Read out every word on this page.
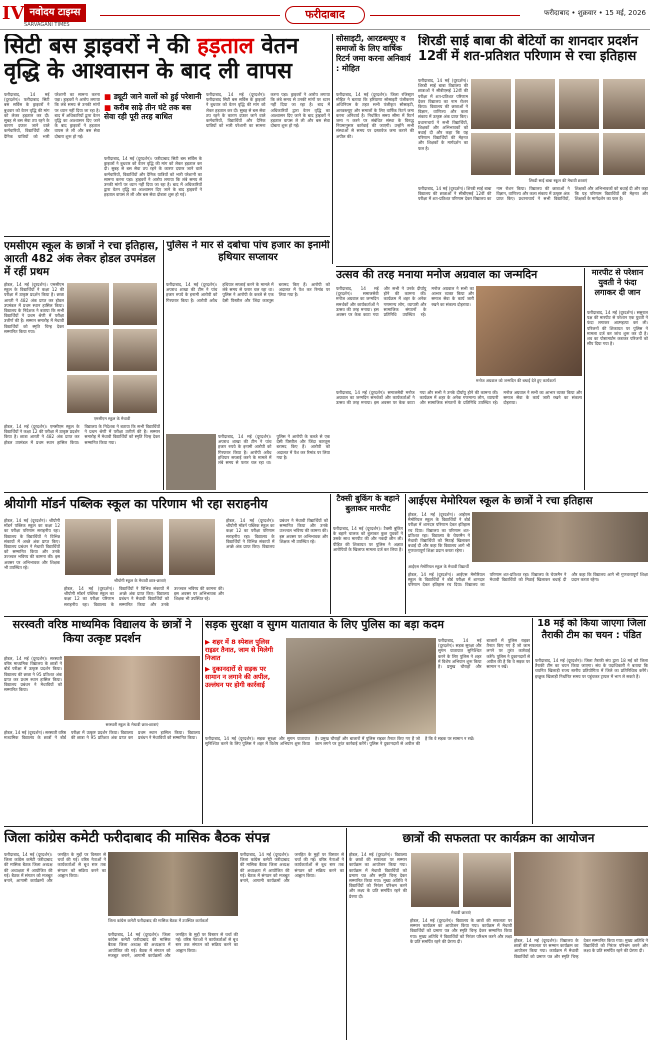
IV नवोदय टाइम्स
SARVAGANI TIMES
फरीदाबाद	फरीदाबाद • शुक्रवार • 15 मई, 2026
सिटी बस ड्राइवरों ने की हड़ताल वेतन वृद्धि के आश्वासन के बाद ली वापस
फरीदाबाद, 14 मई (दूरदर्शन)। फरीदाबाद सिटी बस सर्विस के ड्राइवरों ने बुधवार को वेतन वृद्धि की मांग को लेकर हड़ताल कर दी। सुबह से बस सेवा ठप रहने के कारण दफ्तर जाने वाले कर्मचारियों, विद्यार्थियों और दैनिक यात्रियों को भारी परेशानी का सामना करना पड़ा। ड्राइवरों ने आरोप लगाया कि लंबे समय से उनकी मांगों पर ध्यान नहीं दिया जा रहा है। बाद में अधिकारियों द्वारा वेतन वृद्धि का आश्वासन दिए जाने के बाद ड्राइवरों ने हड़ताल वापस ले ली और बस सेवा दोबारा शुरू हो गई।
■ ड्यूटी जाने वालों को हुई परेशानी
■ करीब साढ़े तीन घंटे तक बस सेवा रही पूरी तरह बाधित
फरीदाबाद, 14 मई (दूरदर्शन)। फरीदाबाद सिटी बस सर्विस के ड्राइवरों ने बुधवार को वेतन वृद्धि की मांग को लेकर हड़ताल कर दी। सुबह से बस सेवा ठप रहने के कारण दफ्तर जाने वाले कर्मचारियों, विद्यार्थियों और दैनिक यात्रियों को भारी परेशानी का सामना करना पड़ा। ड्राइवरों ने आरोप लगाया कि लंबे समय से उनकी मांगों पर ध्यान नहीं दिया जा रहा है। बाद में अधिकारियों द्वारा वेतन वृद्धि का आश्वासन दिए जाने के बाद ड्राइवरों ने हड़ताल वापस ले ली और बस सेवा दोबारा शुरू हो गई।
फरीदाबाद, 14 मई (दूरदर्शन)। फरीदाबाद सिटी बस सर्विस के ड्राइवरों ने बुधवार को वेतन वृद्धि की मांग को लेकर हड़ताल कर दी। सुबह से बस सेवा ठप रहने के कारण दफ्तर जाने वाले कर्मचारियों, विद्यार्थियों और दैनिक यात्रियों को भारी परेशानी का सामना करना पड़ा। ड्राइवरों ने आरोप लगाया कि लंबे समय से उनकी मांगों पर ध्यान नहीं दिया जा रहा है। बाद में अधिकारियों द्वारा वेतन वृद्धि का आश्वासन दिए जाने के बाद ड्राइवरों ने हड़ताल वापस ले ली और बस सेवा दोबारा शुरू हो गई।
सोसाइटी, आरडब्ल्यूए व समाजों के लिए वार्षिक रिटर्न जमा करना अनिवार्य : मोहित
फरीदाबाद, 14 मई (दूरदर्शन)। जिला रजिस्ट्रार मोहित ने बताया कि हरियाणा सोसाइटी पंजीकरण अधिनियम के तहत सभी पंजीकृत सोसाइटी, आरडब्ल्यूए और समाजों के लिए वार्षिक रिटर्न जमा करना अनिवार्य है। निर्धारित समय सीमा में रिटर्न जमा न करने पर संबंधित संस्था के विरुद्ध नियमानुसार कार्रवाई की जाएगी। उन्होंने सभी संस्थाओं से समय पर दस्तावेज जमा कराने की अपील की।
शिरडी साई बाबा की बेटियों का शानदार प्रदर्शन 12वीं में शत-प्रतिशत परिणाम से रचा इतिहास
फरीदाबाद, 14 मई (दूरदर्शन)। शिरडी साई बाबा विद्यालय की छात्राओं ने सीबीएसई 12वीं की परीक्षा में शत-प्रतिशत परिणाम देकर विद्यालय का नाम रोशन किया। विद्यालय की छात्राओं ने विज्ञान, वाणिज्य और कला संकाय में उत्कृष्ट अंक प्राप्त किए। प्रधानाचार्य ने सभी विद्यार्थियों, शिक्षकों और अभिभावकों को बधाई दी और कहा कि यह परिणाम विद्यार्थियों की मेहनत और शिक्षकों के मार्गदर्शन का फल है।
शिरडी साई बाबा स्कूल की मेधावी छात्राएं
फरीदाबाद, 14 मई (दूरदर्शन)। शिरडी साई बाबा विद्यालय की छात्राओं ने सीबीएसई 12वीं की परीक्षा में शत-प्रतिशत परिणाम देकर विद्यालय का नाम रोशन किया। विद्यालय की छात्राओं ने विज्ञान, वाणिज्य और कला संकाय में उत्कृष्ट अंक प्राप्त किए। प्रधानाचार्य ने सभी विद्यार्थियों, शिक्षकों और अभिभावकों को बधाई दी और कहा कि यह परिणाम विद्यार्थियों की मेहनत और शिक्षकों के मार्गदर्शन का फल है।
एमसीएम स्कूल के छात्रों ने रचा इतिहास, आरती 482 अंक लेकर होडल उपमंडल में रहीं प्रथम
होडल, 14 मई (दूरदर्शन)। एमसीएम स्कूल के विद्यार्थियों ने कक्षा 12 की परीक्षा में उत्कृष्ट प्रदर्शन किया है। छात्रा आरती ने 482 अंक प्राप्त कर होडल उपमंडल में प्रथम स्थान हासिल किया। विद्यालय के निदेशक ने बताया कि सभी विद्यार्थियों ने प्रथम श्रेणी में परीक्षा उत्तीर्ण की है। सम्मान समारोह में मेधावी विद्यार्थियों को स्मृति चिन्ह देकर सम्मानित किया गया।
एमसीएम स्कूल के मेधावी
होडल, 14 मई (दूरदर्शन)। एमसीएम स्कूल के विद्यार्थियों ने कक्षा 12 की परीक्षा में उत्कृष्ट प्रदर्शन किया है। छात्रा आरती ने 482 अंक प्राप्त कर होडल उपमंडल में प्रथम स्थान हासिल किया। विद्यालय के निदेशक ने बताया कि सभी विद्यार्थियों ने प्रथम श्रेणी में परीक्षा उत्तीर्ण की है। सम्मान समारोह में मेधावी विद्यार्थियों को स्मृति चिन्ह देकर सम्मानित किया गया।
पुलिस ने मार से दबोचा पांच हजार का इनामी हथियार सप्लायर
फरीदाबाद, 14 मई (दूरदर्शन)। अपराध शाखा की टीम ने पांच हजार रुपये के इनामी आरोपी को गिरफ्तार किया है। आरोपी अवैध हथियार सप्लाई करने के मामले में लंबे समय से फरार चल रहा था। पुलिस ने आरोपी के कब्जे से एक देसी पिस्तौल और जिंदा कारतूस बरामद किए हैं। आरोपी को अदालत में पेश कर रिमांड पर लिया गया है।
फरीदाबाद, 14 मई (दूरदर्शन)। अपराध शाखा की टीम ने पांच हजार रुपये के इनामी आरोपी को गिरफ्तार किया है। आरोपी अवैध हथियार सप्लाई करने के मामले में लंबे समय से फरार चल रहा था। पुलिस ने आरोपी के कब्जे से एक देसी पिस्तौल और जिंदा कारतूस बरामद किए हैं। आरोपी को अदालत में पेश कर रिमांड पर लिया गया है।
उत्सव की तरह मनाया मनोज अग्रवाल का जन्मदिन
फरीदाबाद, 14 मई (दूरदर्शन)। समाजसेवी मनोज अग्रवाल का जन्मदिन समर्थकों और कार्यकर्ताओं ने उत्सव की तरह मनाया। इस अवसर पर केक काटा गया और सभी ने उनके दीर्घायु होने की कामना की। कार्यक्रम में शहर के अनेक गणमान्य लोग, व्यापारी और सामाजिक संगठनों के प्रतिनिधि उपस्थित रहे। मनोज अग्रवाल ने सभी का आभार व्यक्त किया और समाज सेवा के कार्य जारी रखने का संकल्प दोहराया।
मनोज अग्रवाल को जन्मदिन की बधाई देते हुए कार्यकर्ता
फरीदाबाद, 14 मई (दूरदर्शन)। समाजसेवी मनोज अग्रवाल का जन्मदिन समर्थकों और कार्यकर्ताओं ने उत्सव की तरह मनाया। इस अवसर पर केक काटा गया और सभी ने उनके दीर्घायु होने की कामना की। कार्यक्रम में शहर के अनेक गणमान्य लोग, व्यापारी और सामाजिक संगठनों के प्रतिनिधि उपस्थित रहे। मनोज अग्रवाल ने सभी का आभार व्यक्त किया और समाज सेवा के कार्य जारी रखने का संकल्प दोहराया।
मारपीट से परेशान युवती ने फंदा लगाकर दी जान
फरीदाबाद, 14 मई (दूरदर्शन)। ससुराल पक्ष की मारपीट से परेशान एक युवती ने फंदा लगाकर आत्महत्या कर ली। परिजनों की शिकायत पर पुलिस ने मामला दर्ज कर जांच शुरू कर दी है। शव का पोस्टमार्टम कराकर परिजनों को सौंप दिया गया है।
श्रीयोगी मॉडर्न पब्लिक स्कूल का परिणाम भी रहा सराहनीय
होडल, 14 मई (दूरदर्शन)। श्रीयोगी मॉडर्न पब्लिक स्कूल का कक्षा 12 का परीक्षा परिणाम सराहनीय रहा। विद्यालय के विद्यार्थियों ने विभिन्न संकायों में अच्छे अंक प्राप्त किए। विद्यालय प्रबंधन ने मेधावी विद्यार्थियों को सम्मानित किया और उनके उज्ज्वल भविष्य की कामना की। इस अवसर पर अभिभावक और शिक्षक भी उपस्थित रहे।
श्रीयोगी स्कूल के मेधावी छात्र-छात्राएं
होडल, 14 मई (दूरदर्शन)। श्रीयोगी मॉडर्न पब्लिक स्कूल का कक्षा 12 का परीक्षा परिणाम सराहनीय रहा। विद्यालय के विद्यार्थियों ने विभिन्न संकायों में अच्छे अंक प्राप्त किए। विद्यालय प्रबंधन ने मेधावी विद्यार्थियों को सम्मानित किया और उनके उज्ज्वल भविष्य की कामना की। इस अवसर पर अभिभावक और शिक्षक भी उपस्थित रहे।
होडल, 14 मई (दूरदर्शन)। श्रीयोगी मॉडर्न पब्लिक स्कूल का कक्षा 12 का परीक्षा परिणाम सराहनीय रहा। विद्यालय के विद्यार्थियों ने विभिन्न संकायों में अच्छे अंक प्राप्त किए। विद्यालय प्रबंधन ने मेधावी विद्यार्थियों को सम्मानित किया और उनके उज्ज्वल भविष्य की कामना की। इस अवसर पर अभिभावक और शिक्षक भी उपस्थित रहे।
टैक्सी बुकिंग के बहाने बुलाकर मारपीट
फरीदाबाद, 14 मई (दूरदर्शन)। टैक्सी बुकिंग के बहाने चालक को बुलाकर कुछ युवकों ने उसके साथ मारपीट की और नकदी छीन ली। पीड़ित की शिकायत पर पुलिस ने अज्ञात आरोपियों के खिलाफ मामला दर्ज कर लिया है।
आईएस मेमोरियल स्कूल के छात्रों ने रचा इतिहास
होडल, 14 मई (दूरदर्शन)। आईएस मेमोरियल स्कूल के विद्यार्थियों ने बोर्ड परीक्षा में शानदार परिणाम देकर इतिहास रच दिया। विद्यालय का परिणाम शत-प्रतिशत रहा। विद्यालय के चेयरमैन ने मेधावी विद्यार्थियों को मिठाई खिलाकर बधाई दी और कहा कि विद्यालय आगे भी गुणवत्तापूर्ण शिक्षा प्रदान करता रहेगा।
आईएस मेमोरियल स्कूल के मेधावी विद्यार्थी
होडल, 14 मई (दूरदर्शन)। आईएस मेमोरियल स्कूल के विद्यार्थियों ने बोर्ड परीक्षा में शानदार परिणाम देकर इतिहास रच दिया। विद्यालय का परिणाम शत-प्रतिशत रहा। विद्यालय के चेयरमैन ने मेधावी विद्यार्थियों को मिठाई खिलाकर बधाई दी और कहा कि विद्यालय आगे भी गुणवत्तापूर्ण शिक्षा प्रदान करता रहेगा।
सरस्वती वरिष्ठ माध्यमिक विद्यालय के छात्रों ने किया उत्कृष्ट प्रदर्शन
होडल, 14 मई (दूरदर्शन)। सरस्वती वरिष्ठ माध्यमिक विद्यालय के छात्रों ने बोर्ड परीक्षा में उत्कृष्ट प्रदर्शन किया। विद्यालय की छात्रा ने 95 प्रतिशत अंक प्राप्त कर प्रथम स्थान हासिल किया। विद्यालय प्रबंधन ने मेधावियों को सम्मानित किया।
सरस्वती स्कूल के मेधावी छात्र-छात्राएं
होडल, 14 मई (दूरदर्शन)। सरस्वती वरिष्ठ माध्यमिक विद्यालय के छात्रों ने बोर्ड परीक्षा में उत्कृष्ट प्रदर्शन किया। विद्यालय की छात्रा ने 95 प्रतिशत अंक प्राप्त कर प्रथम स्थान हासिल किया। विद्यालय प्रबंधन ने मेधावियों को सम्मानित किया।
सड़क सुरक्षा व सुगम यातायात के लिए पुलिस का बड़ा कदम
▶ शहर में 8 स्पेशल पुलिस राइडर तैनात, जाम से मिलेगी निजात
▶ दुकानदारों से सड़क पर सामान न लगाने की अपील, उल्लंघन पर होगी कार्रवाई
फरीदाबाद, 14 मई (दूरदर्शन)। सड़क सुरक्षा और सुगम यातायात सुनिश्चित करने के लिए पुलिस ने शहर में विशेष अभियान शुरू किया है। प्रमुख चौराहों और बाजारों में पुलिस राइडर तैनात किए गए हैं जो जाम लगने पर तुरंत कार्रवाई करेंगे। पुलिस ने दुकानदारों से अपील की है कि वे सड़क पर सामान न रखें।
फरीदाबाद, 14 मई (दूरदर्शन)। सड़क सुरक्षा और सुगम यातायात सुनिश्चित करने के लिए पुलिस ने शहर में विशेष अभियान शुरू किया है। प्रमुख चौराहों और बाजारों में पुलिस राइडर तैनात किए गए हैं जो जाम लगने पर तुरंत कार्रवाई करेंगे। पुलिस ने दुकानदारों से अपील की है कि वे सड़क पर सामान न रखें।
18 मई को किया जाएगा जिला तैराकी टीम का चयन : पंडित
फरीदाबाद, 14 मई (दूरदर्शन)। जिला तैराकी संघ द्वारा 18 मई को जिला तैराकी टीम का चयन किया जाएगा। संघ के पदाधिकारी ने बताया कि चयनित खिलाड़ी राज्य स्तरीय प्रतियोगिता में जिले का प्रतिनिधित्व करेंगे। इच्छुक खिलाड़ी निर्धारित समय पर पहुंचकर ट्रायल में भाग ले सकते हैं।
जिला कांग्रेस कमेटी फरीदाबाद की मासिक बैठक संपन्न
फरीदाबाद, 14 मई (दूरदर्शन)। जिला कांग्रेस कमेटी फरीदाबाद की मासिक बैठक जिला अध्यक्ष की अध्यक्षता में आयोजित की गई। बैठक में संगठन को मजबूत बनाने, आगामी कार्यक्रमों और जनहित के मुद्दों पर विस्तार से चर्चा की गई। वरिष्ठ नेताओं ने कार्यकर्ताओं से बूथ स्तर तक संगठन को सक्रिय करने का आह्वान किया।
जिला कांग्रेस कमेटी फरीदाबाद की मासिक बैठक में उपस्थित कार्यकर्ता
फरीदाबाद, 14 मई (दूरदर्शन)। जिला कांग्रेस कमेटी फरीदाबाद की मासिक बैठक जिला अध्यक्ष की अध्यक्षता में आयोजित की गई। बैठक में संगठन को मजबूत बनाने, आगामी कार्यक्रमों और जनहित के मुद्दों पर विस्तार से चर्चा की गई। वरिष्ठ नेताओं ने कार्यकर्ताओं से बूथ स्तर तक संगठन को सक्रिय करने का आह्वान किया।
फरीदाबाद, 14 मई (दूरदर्शन)। जिला कांग्रेस कमेटी फरीदाबाद की मासिक बैठक जिला अध्यक्ष की अध्यक्षता में आयोजित की गई। बैठक में संगठन को मजबूत बनाने, आगामी कार्यक्रमों और जनहित के मुद्दों पर विस्तार से चर्चा की गई। वरिष्ठ नेताओं ने कार्यकर्ताओं से बूथ स्तर तक संगठन को सक्रिय करने का आह्वान किया।
छात्रों की सफलता पर कार्यक्रम का आयोजन
होडल, 14 मई (दूरदर्शन)। विद्यालय के छात्रों की सफलता पर सम्मान कार्यक्रम का आयोजन किया गया। कार्यक्रम में मेधावी विद्यार्थियों को प्रमाण पत्र और स्मृति चिन्ह देकर सम्मानित किया गया। मुख्य अतिथि ने विद्यार्थियों को निरंतर परिश्रम करने और लक्ष्य के प्रति समर्पित रहने की प्रेरणा दी।
मेधावी छात्राएं
होडल, 14 मई (दूरदर्शन)। विद्यालय के छात्रों की सफलता पर सम्मान कार्यक्रम का आयोजन किया गया। कार्यक्रम में मेधावी विद्यार्थियों को प्रमाण पत्र और स्मृति चिन्ह देकर सम्मानित किया गया। मुख्य अतिथि ने विद्यार्थियों को निरंतर परिश्रम करने और लक्ष्य के प्रति समर्पित रहने की प्रेरणा दी।	होडल, 14 मई (दूरदर्शन)। विद्यालय के छात्रों की सफलता पर सम्मान कार्यक्रम का आयोजन किया गया। कार्यक्रम में मेधावी विद्यार्थियों को प्रमाण पत्र और स्मृति चिन्ह देकर सम्मानित किया गया। मुख्य अतिथि ने विद्यार्थियों को निरंतर परिश्रम करने और लक्ष्य के प्रति समर्पित रहने की प्रेरणा दी।
